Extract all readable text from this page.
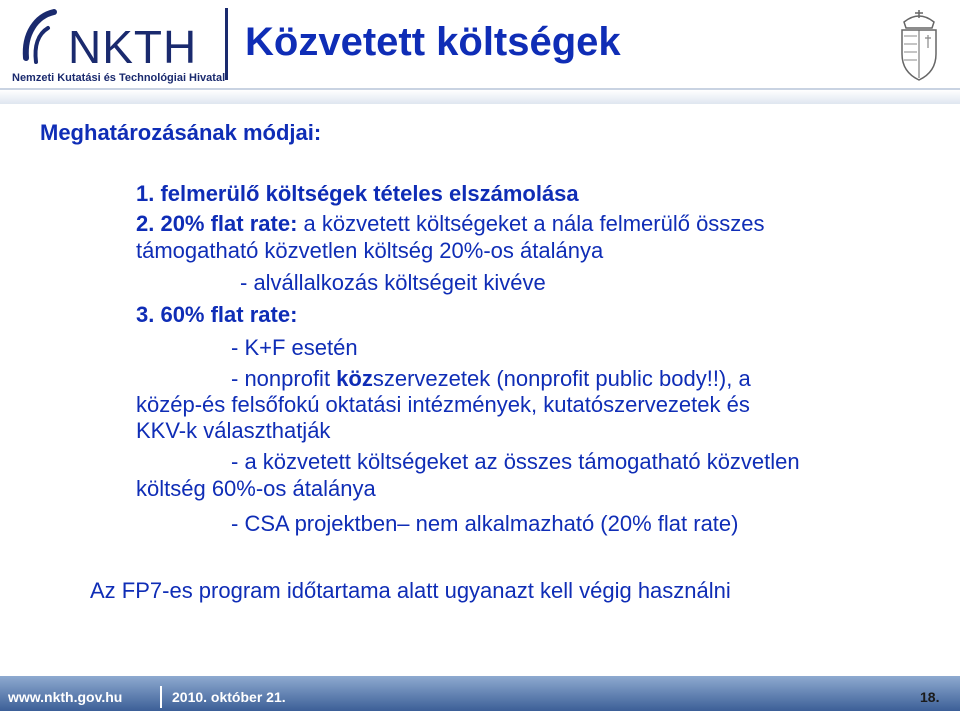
NKTH
Nemzeti Kutatási és Technológiai Hivatal
Közvetett költségek
Meghatározásának módjai:
1. felmerülő költségek tételes elszámolása
2. 20% flat rate: a közvetett költségeket a nála felmerülő összes
támogatható közvetlen költség 20%-os átalánya
- alvállalkozás költségeit kivéve
3. 60% flat rate:
- K+F esetén
- nonprofit közszervezetek (nonprofit public body!!), a
közép-és felsőfokú oktatási intézmények, kutatószervezetek és
KKV-k választhatják
- a közvetett költségeket az összes támogatható közvetlen
költség 60%-os átalánya
- CSA projektben– nem alkalmazható (20% flat rate)
Az FP7-es program időtartama alatt ugyanazt kell végig használni
www.nkth.gov.hu	2010. október 21.	18.
